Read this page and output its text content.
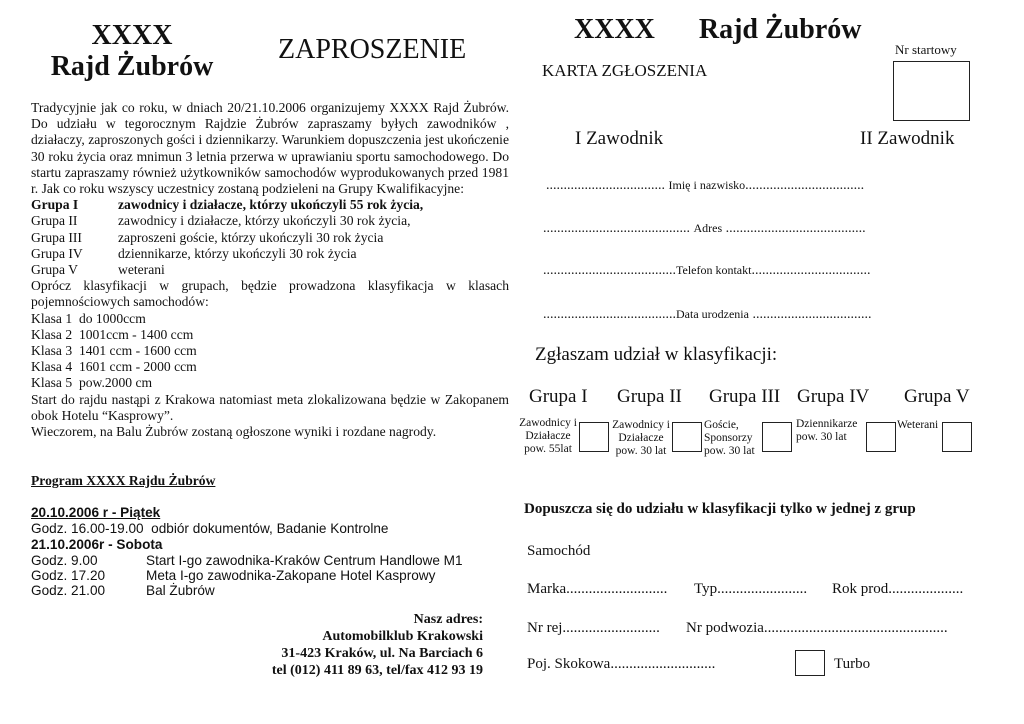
XXXX
Rajd Żubrów
ZAPROSZENIE

Tradycyjnie jak co roku, w dniach 20/21.10.2006 organizujemy XXXX Rajd Żubrów. Do udziału w tegorocznym Rajdzie Żubrów zapraszamy byłych zawodników , działaczy, zaproszonych gości i dziennikarzy. Warunkiem dopuszczenia jest ukończenie 30 roku życia oraz mnimun 3 letnia przerwa w uprawianiu sportu samochodowego. Do startu zapraszamy również użytkowników samochodów wyprodukowanych przed 1981 r. Jak co roku wszyscy uczestnicy zostaną podzieleni na Grupy Kwalifikacyjne:

Grupa I	zawodnicy i działacze, którzy ukończyli 55 rok życia,
Grupa II	zawodnicy i działacze, którzy ukończyli 30 rok życia,
Grupa III	zaproszeni goście, którzy ukończyli 30 rok życia
Grupa IV	dziennikarze, którzy ukończyli 30 rok życia
Grupa V	weterani

Oprócz klasyfikacji w grupach, będzie prowadzona klasyfikacja w klasach pojemnościowych samochodów:

Klasa 1  do 1000ccm
Klasa 2  1001ccm - 1400 ccm
Klasa 3  1401 ccm - 1600 ccm
Klasa 4  1601 ccm - 2000 ccm
Klasa 5  pow.2000 cm

Start do rajdu nastąpi z Krakowa natomiast meta zlokalizowana będzie w Zakopanem obok Hotelu “Kasprowy”.

Wieczorem, na Balu Żubrów zostaną ogłoszone wyniki i rozdane nagrody.

Program XXXX Rajdu Żubrów
20.10.2006 r - Piątek
Godz. 16.00-19.00  odbiór dokumentów, Badanie Kontrolne
21.10.2006r - Sobota
Godz. 9.00	Start I-go zawodnika-Kraków Centrum Handlowe M1
Godz. 17.20	Meta I-go zawodnika-Zakopane Hotel Kasprowy
Godz. 21.00	Bal Żubrów
Nasz adres:
Automobilklub Krakowski
31-423 Kraków, ul. Na Barciach 6
tel (012) 411 89 63, tel/fax 412 93 19
XXXX Rajd Żubrów
KARTA ZGŁOSZENIA
Nr startowy
I Zawodnik	II Zawodnik
.................................. Imię i nazwisko..................................
.......................................... Adres ........................................
......................................Telefon kontakt..................................
......................................Data urodzenia ..................................
Zgłaszam udział w klasyfikacji:
Grupa I Grupa II Grupa III Grupa IV Grupa V
Zawodnicy i Działacze pow. 55lat
Zawodnicy i Działacze pow. 30 lat
Goście, Sponsorzy pow. 30 lat
Dziennikarze pow. 30 lat
Weterani
Dopuszcza się do udziału w klasyfikacji tylko w jednej z grup
Samochód
Marka........................... Typ........................ Rok prod....................
Nr rej.......................... Nr podwozia.................................................
Poj. Skokowa............................	Turbo
